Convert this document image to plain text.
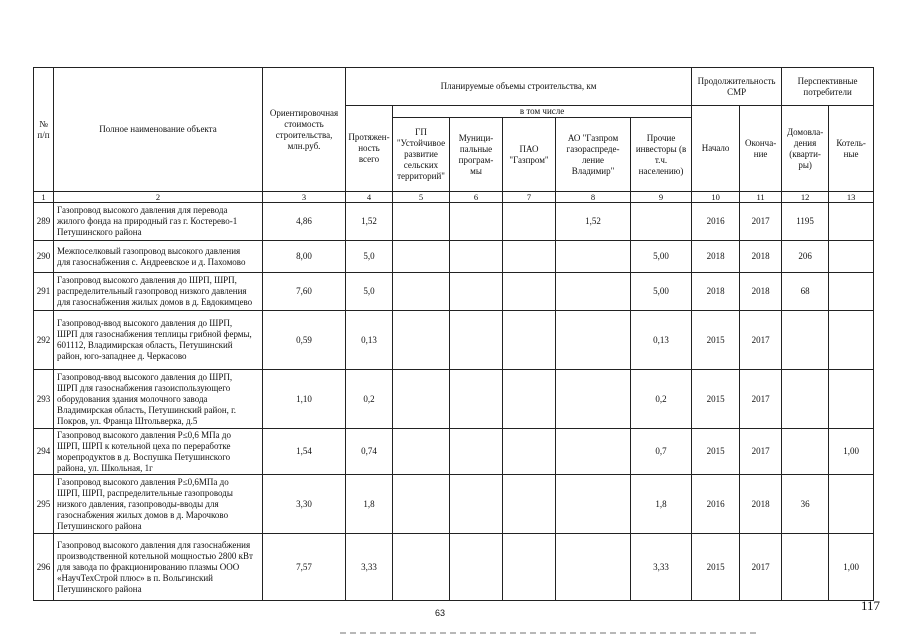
№
п/п	Полное наименование объекта	Ориентировочная
стоимость
строительства,
млн.руб.	Планируемые объемы строительства, км						Продолжительность
СМР		Перспективные
потребители	
			Протяжен-
ность всего	в том числе					Начало	Оконча-
ние	Домовла-
дения
(кварти-
ры)	Котель-
ные
				ГП
"Устойчивое
развитие
сельских
территорий"	Муници-
пальные
програм-
мы	ПАО
"Газпром"	АО "Газпром
газораспреде-
ление
Владимир"	Прочие
инвесторы (в
т.ч. населению)				
1	2	3	4	5	6	7	8	9	10	11	12	13
289	Газопровод высокого давления для перевода
жилого фонда на природный газ г. Костерево-1
Петушинского района	4,86	1,52				1,52		2016	2017	1195	
290	Межпоселковый газопровод высокого давления
для газоснабжения с. Андреевское и д. Пахомово	8,00	5,0					5,00	2018	2018	206	
291	Газопровод высокого давления до ШРП, ШРП,
распределительный газопровод низкого давления
для газоснабжения жилых домов в д. Евдокимцево	7,60	5,0					5,00	2018	2018	68	
292	Газопровод-ввод высокого давления до ШРП,
ШРП для газоснабжения теплицы грибной фермы,
601112, Владимирская область, Петушинский
район, юго-западнее д. Черкасово	0,59	0,13					0,13	2015	2017		
293	Газопровод-ввод высокого давления до ШРП,
ШРП для газоснабжения газоиспользующего
оборудования здания молочного завода
Владимирская область, Петушинский район, г.
Покров, ул. Франца Штольверка, д.5	1,10	0,2					0,2	2015	2017		
294	Газопровод высокого давления Р≤0,6 МПа до
ШРП, ШРП к котельной цеха по переработке
морепродуктов в д. Воспушка Петушинского
района, ул. Школьная, 1г	1,54	0,74					0,7	2015	2017		1,00
295	Газопровод высокого давления Р≤0,6МПа до
ШРП, ШРП, распределительные газопроводы
низкого давления, газопроводы-вводы для
газоснабжения жилых домов в д. Марочково
Петушинского района	3,30	1,8					1,8	2016	2018	36	
296	Газопровод высокого давления для газоснабжения
производственной котельной мощностью 2800 кВт
для завода по фракционированию плазмы ООО
«НаучТехСтрой плюс» в п. Вольгинский
Петушинского района	7,57	3,33					3,33	2015	2017		1,00
63	117
